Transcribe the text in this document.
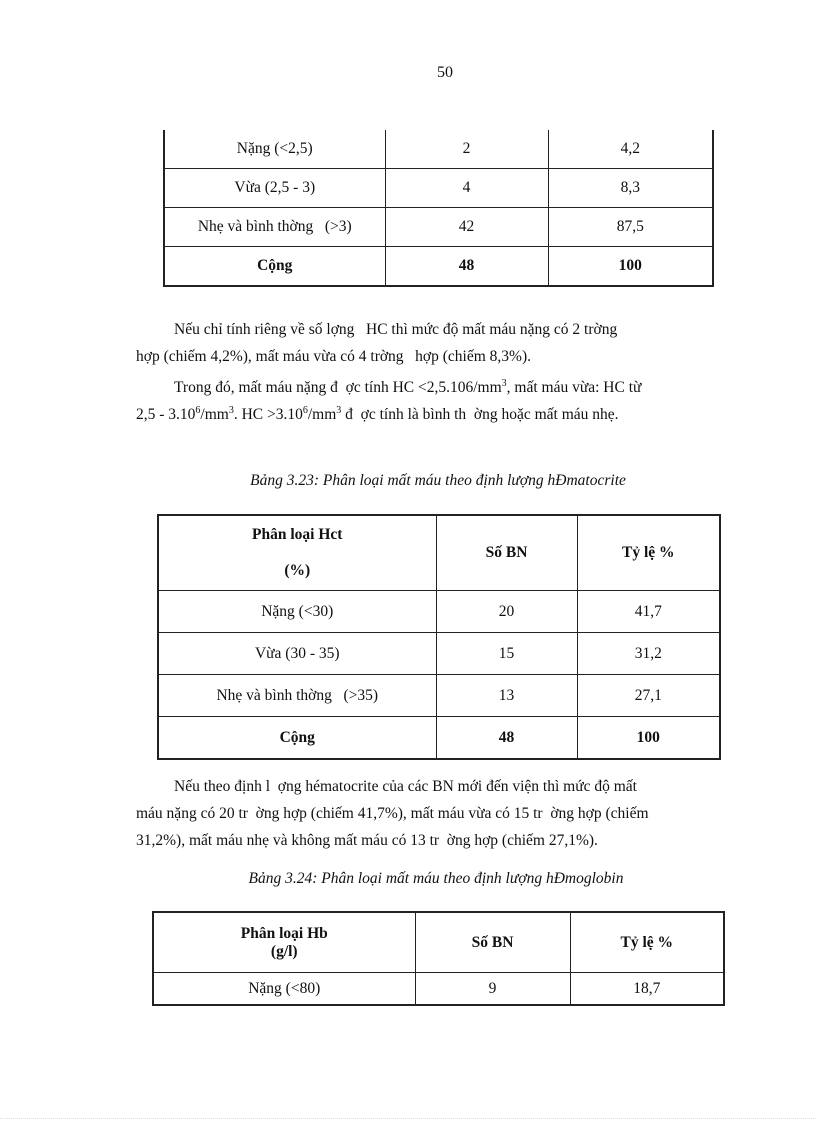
50
Nặng (<2,5)	2	4,2
Vừa (2,5 - 3)	4	8,3
Nhẹ và bình thờng   (>3)	42	87,5
Cộng	48	100
Nếu chỉ tính riêng về số lợng   HC thì mức độ mất máu nặng có 2 trờng
hợp (chiếm 4,2%), mất máu vừa có 4 trờng   hợp (chiếm 8,3%).
Trong đó, mất máu nặng đ  ợc tính HC $<2,5.106/mm^3$, mất máu vừa: HC từ
$2,5 - 3.10^6/mm^3$. HC $>3.10^6/mm^3$ đ  ợc tính là bình th  ờng hoặc mất máu nhẹ.
Bảng 3.23: Phân loại mất máu theo định lượng hĐmatocrite
Phân loại Hct

(%)	Số BN	Tỷ lệ %
Nặng (<30)	20	41,7
Vừa (30 - 35)	15	31,2
Nhẹ và bình thờng   (>35)	13	27,1
Cộng	48	100
Nếu theo định l  ợng hématocrite của các BN mới đến viện thì mức độ mất
máu nặng có 20 tr  ờng hợp (chiếm 41,7%), mất máu vừa có 15 tr  ờng hợp (chiếm
31,2%), mất máu nhẹ và không mất máu có 13 tr  ờng hợp (chiếm 27,1%).
Bảng 3.24: Phân loại mất máu theo định lượng hĐmoglobin
Phân loại Hb
(g/l)	Số BN	Tỷ lệ %
Nặng (<80)	9	18,7
